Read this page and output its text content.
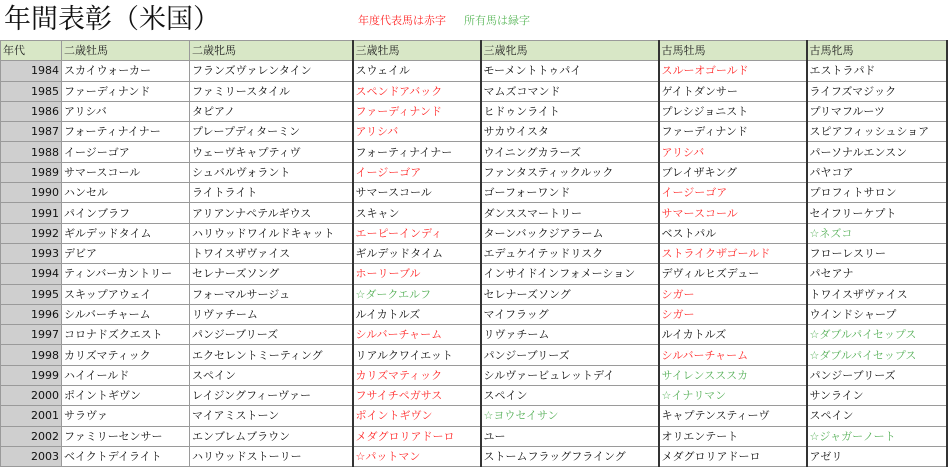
年間表彰（米国）	年度代表馬は赤字 所有馬は緑字
年代	二歳牡馬	二歳牝馬	三歳牡馬	三歳牝馬	古馬牡馬	古馬牝馬
1984	スカイウォーカー	フランズヴァレンタイン	スウェイル	モーメントトゥパイ	スルーオゴールド	エストラパド
1985	ファーディナンド	ファミリースタイル	スペンドアバック	マムズコマンド	ゲイトダンサー	ライフズマジック
1986	アリシバ	タピアノ	ファーディナンド	ヒドゥンライト	プレシジョニスト	プリマフルーツ
1987	フォーティナイナー	プレープディターミン	アリシバ	サカウイスタ	ファーディナンド	スピアフィッシュショア
1988	イージーゴア	ウェーヴキャプティヴ	フォーティナイナー	ウイニングカラーズ	アリシバ	パーソナルエンスン
1989	サマースコール	シュバルヴォラント	イージーゴア	ファンタスティックルック	ブレイザキング	パヤコア
1990	ハンセル	ライトライト	サマースコール	ゴーフォーワンド	イージーゴア	プロフィトサロン
1991	パインブラフ	アリアンナペテルギウス	スキャン	ダンススマートリー	サマースコール	セイフリーケプト
1992	ギルデッドタイム	ハリウッドワイルドキャット	エーピーインディ	ターンバックジアラーム	ベストパル	☆ネズコ
1993	デビア	トワイスザヴァイス	ギルデッドタイム	エデュケイテッドリスク	ストライクザゴールド	フローレスリー
1994	ティンバーカントリー	セレナーズソング	ホーリーブル	インサイドインフォメーション	デヴィルヒズデュー	パセアナ
1995	スキップアウェイ	フォーマルサージュ	☆ダークエルフ	セレナーズソング	シガー	トワイスザヴァイス
1996	シルバーチャーム	リヴァチーム	ルイカトルズ	マイフラッグ	シガー	ウインドシャープ
1997	コロナドズクエスト	パンジーブリーズ	シルバーチャーム	リヴァチーム	ルイカトルズ	☆ダブルパイセップス
1998	カリズマティック	エクセレントミーティング	リアルクワイエット	パンジーブリーズ	シルバーチャーム	☆ダブルパイセップス
1999	ハイイールド	スペイン	カリズマティック	シルヴァービュレットデイ	サイレンスススカ	パンジーブリーズ
2000	ポイントギヴン	レイジングフィーヴァー	フサイチペガサス	スペイン	☆イナリマン	サンライン
2001	サラヴァ	マイアミストーン	ポイントギヴン	☆ヨウセイサン	キャプテンスティーヴ	スペイン
2002	ファミリーセンサー	エンブレムブラウン	メダグロリアドーロ	ユー	オリエンテート	☆ジャガーノート
2003	ベイクトデイライト	ハリウッドストーリー	☆パットマン	ストームフラッグフライング	メダグロリアドーロ	アゼリ
